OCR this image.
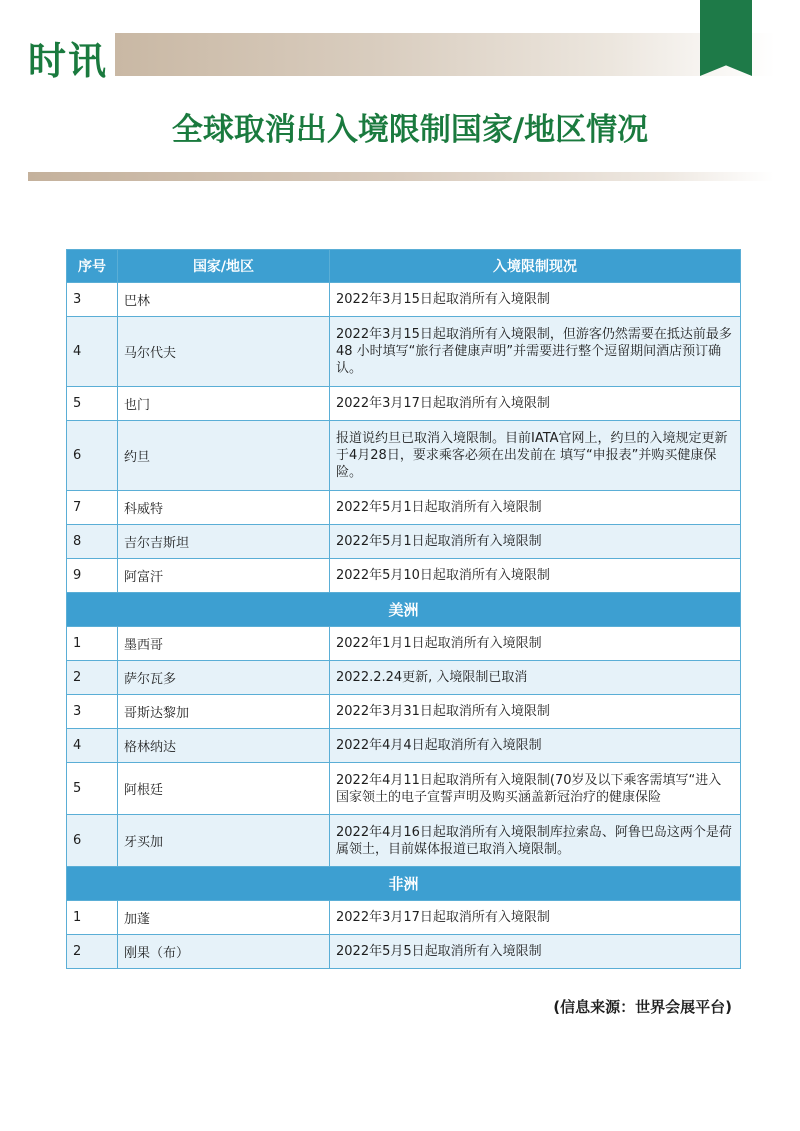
时讯
全球取消出入境限制国家/地区情况
序号	国家/地区	入境限制现况
3	巴林	2022年3月15日起取消所有入境限制

4	马尔代夫	2022年3月15日起取消所有入境限制，但游客仍然需要在抵达前最多 48 小时填写“旅行者健康声明”并需要进行整个逗留期间酒店预订确认。

5	也门	2022年3月17日起取消所有入境限制

6	约旦	报道说约旦已取消入境限制。目前IATA官网上，约旦的入境规定更新于4月28日，要求乘客必须在出发前在 填写“申报表”并购买健康保险。

7	科威特	2022年5月1日起取消所有入境限制

8	吉尔吉斯坦	2022年5月1日起取消所有入境限制

9	阿富汗	2022年5月10日起取消所有入境限制

美洲		
1	墨西哥	2022年1月1日起取消所有入境限制

2	萨尔瓦多	2022.2.24更新, 入境限制已取消

3	哥斯达黎加	2022年3月31日起取消所有入境限制

4	格林纳达	2022年4月4日起取消所有入境限制

5	阿根廷	2022年4月11日起取消所有入境限制(70岁及以下乘客需填写“进入国家领土的电子宣誓声明及购买涵盖新冠治疗的健康保险

6	牙买加	2022年4月16日起取消所有入境限制库拉索岛、阿鲁巴岛这两个是荷属领土，目前媒体报道已取消入境限制。

非洲		
1	加蓬	2022年3月17日起取消所有入境限制

2	刚果（布）	2022年5月5日起取消所有入境限制
(信息来源：世界会展平台)
